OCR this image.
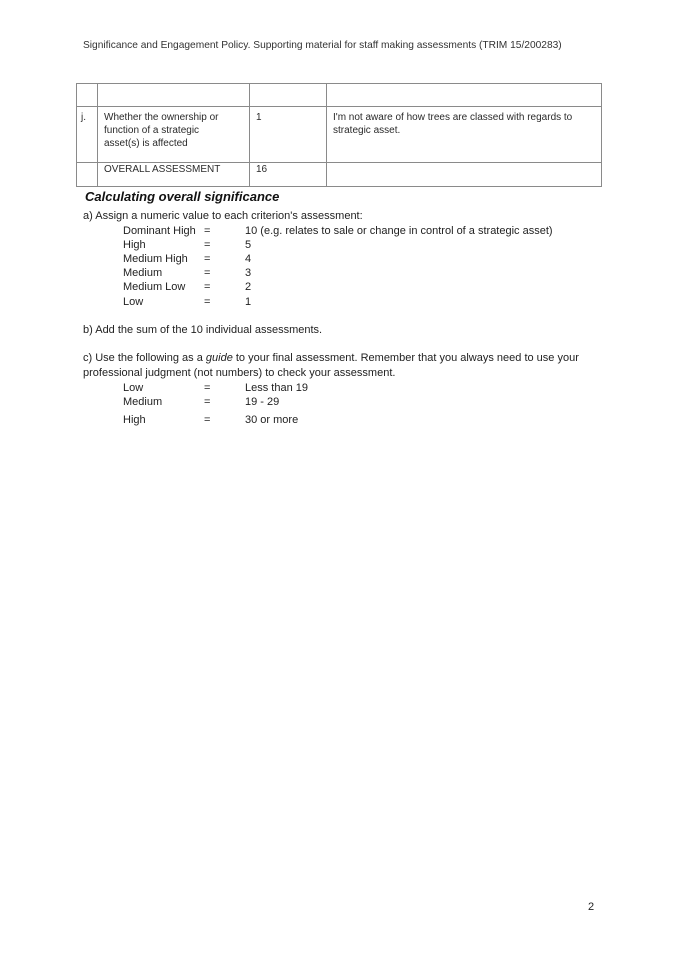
Significance and Engagement Policy. Supporting material for staff making assessments (TRIM 15/200283)

j.	Whether the ownership or
function of a strategic
asset(s) is affected	1	I'm not aware of how trees are classed with regards to
strategic asset.

	OVERALL ASSESSMENT	16	
Calculating overall significance
a) Assign a numeric value to each criterion's assessment:
Dominant High =	10 (e.g. relates to sale or change in control of a strategic asset)
High	=	5
Medium High =	4
Medium	=	3
Medium Low =	2
Low	=	1
b) Add the sum of the 10 individual assessments.
c) Use the following as a guide to your final assessment. Remember that you always need to use your
professional judgment (not numbers) to check your assessment.
Low	=	Less than 19
Medium	=	19 - 29
High	=	30 or more
2
